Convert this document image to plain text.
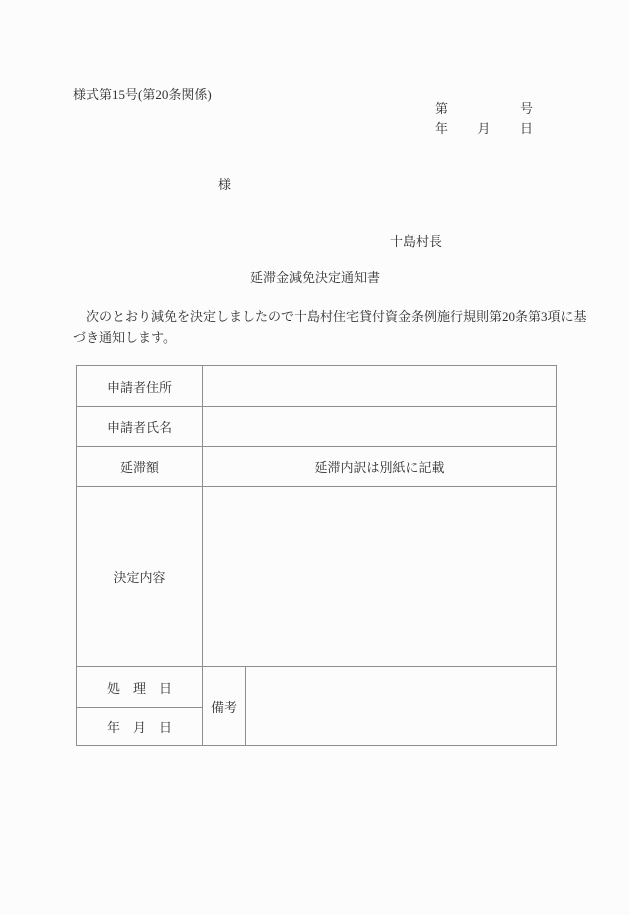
様式第15号(第20条関係)
第	号
年 月 日
様
十島村長
延滞金減免決定通知書
　次のとおり減免を決定しましたので十島村住宅貸付資金条例施行規則第20条第3項に基
づき通知します。
申請者住所		
申請者氏名		
延滞額	延滞内訳は別紙に記載	
決定内容		
処　理　日	備考	
年　月　日		
